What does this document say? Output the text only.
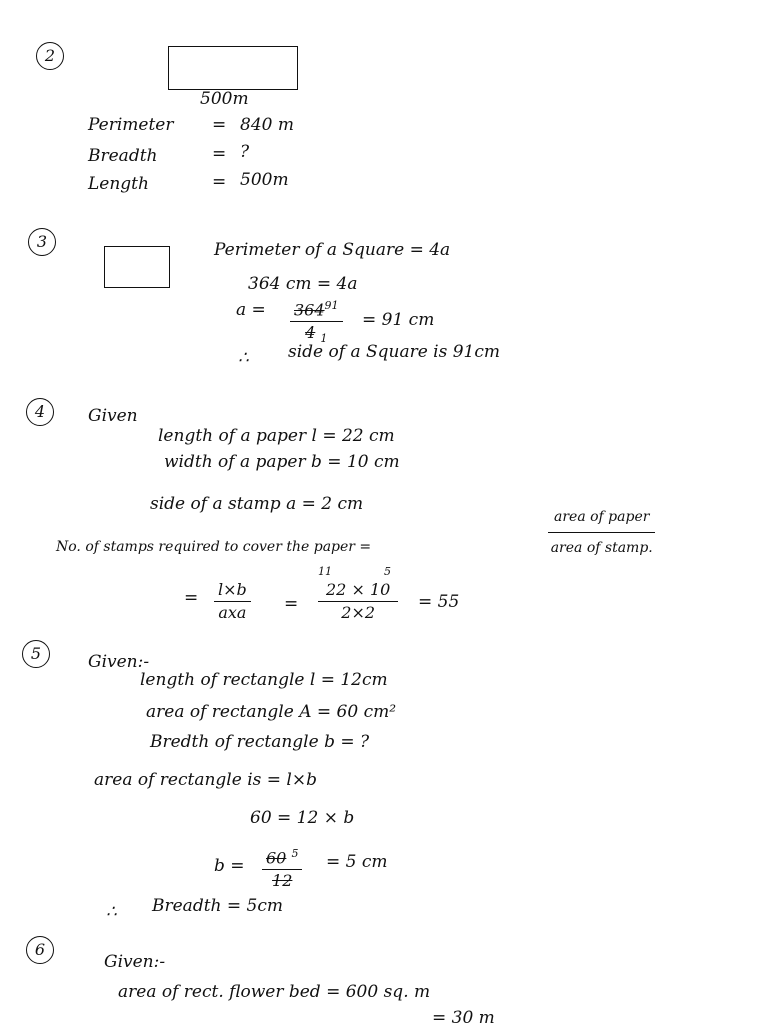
2
500m
Perimeter = 840 m
Breadth	= ?
Length	= 500m
3	Perimeter of a Square = 4a
364 cm = 4a
$a = \frac{364^{91}}{4 _1} = 91$ cm
∴ side of a Square is 91cm
4	Given
length of a paper l = 22 cm
width of a paper b = 10 cm
side of a stamp a = 2 cm
No. of stamps required to cover the paper =
area of paper
area of stamp.
= l×b
axa =
11	5
$\frac{22 \times 10}{2\times 2} = 55$
5	Given:-
length of rectangle l = 12cm
area of rectangle A = 60 cm²
Bredth of rectangle b = ?
area of rectangle is = l×b
60 = 12 × b
$b = \frac{60 ^5}{12} = 5$ cm
∴ Breadth = 5cm
6
Given:-
area of rect. flower bed = 600 sq. m
= 30 m
